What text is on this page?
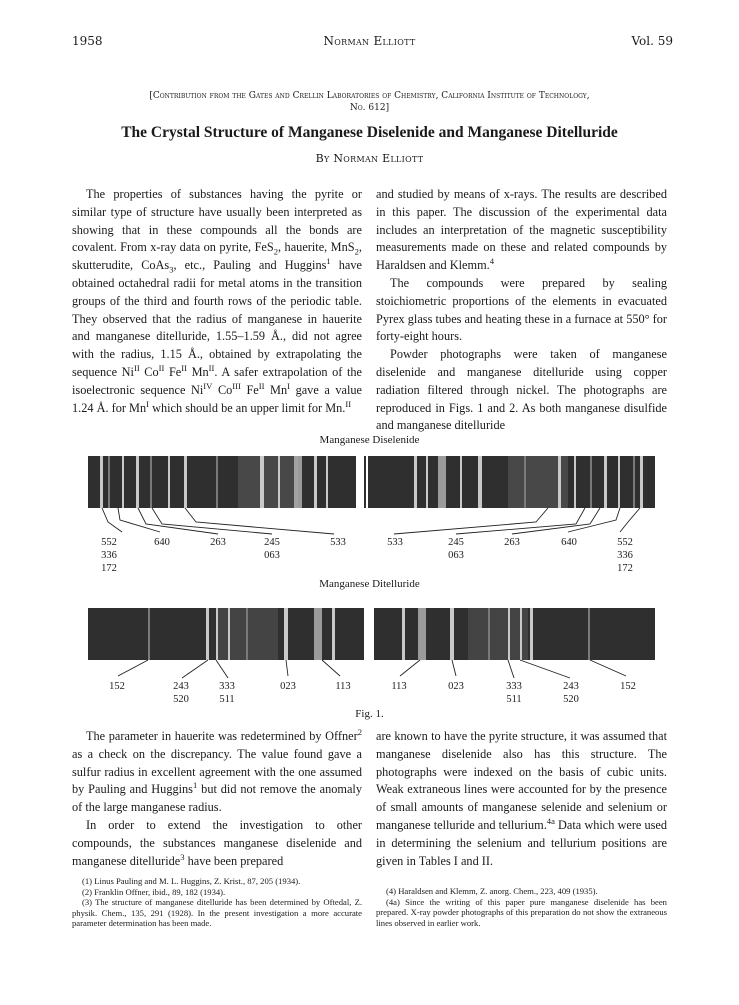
1958	Norman Elliott	Vol. 59
[Contribution from the Gates and Crellin Laboratories of Chemistry, California Institute of Technology,
No. 612]
The Crystal Structure of Manganese Diselenide and Manganese Ditelluride
By Norman Elliott

The properties of substances having the pyrite or similar type of structure have usually been interpreted as showing that in these compounds all the bonds are covalent. From x-ray data on pyrite, FeS$_2$, hauerite, MnS$_2$, skutterudite, CoAs$_3$, etc., Pauling and Huggins$^1$ have obtained octahedral radii for metal atoms in the transition groups of the third and fourth rows of the periodic table. They observed that the radius of manganese in hauerite and manganese ditelluride, 1.55–1.59 Å., did not agree with the radius, 1.15 Å., obtained by extrapolating the sequence $Ni^{II}$ $Co^{II}$ $Fe^{II}$ $Mn^{II}$. A safer extrapolation of the isoelectronic sequence $Ni^{IV}$ $Co^{III}$ $Fe^{II}$ $Mn^I$ gave a value 1.24 Å. for $Mn^I$ which should be an upper limit for Mn.$^{II}$

and studied by means of x-rays. The results are described in this paper. The discussion of the experimental data includes an interpretation of the magnetic susceptibility measurements made on these and related compounds by Haraldsen and Klemm.$^4$

The compounds were prepared by sealing stoichiometric proportions of the elements in evacuated Pyrex glass tubes and heating these in a furnace at 550° for forty-eight hours.

Powder photographs were taken of manganese diselenide and manganese ditelluride using copper radiation filtered through nickel. The photographs are reproduced in Figs. 1 and 2. As both manganese disulfide and manganese ditelluride

Manganese Diselenide
552
336
172
640	263	245
063
533	533	245
063
263	640	552
336
172
Manganese Ditelluride
152	243
520
333
511
023	113	113	023	333
511
243
520
152
Fig. 1.

The parameter in hauerite was redetermined by Offner$^2$ as a check on the discrepancy. The value found gave a sulfur radius in excellent agreement with the one assumed by Pauling and Huggins$^1$ but did not remove the anomaly of the large manganese radius.

In order to extend the investigation to other compounds, the substances manganese diselenide and manganese ditelluride$^3$ have been prepared

(1) Linus Pauling and M. L. Huggins, Z. Krist., 87, 205 (1934).

(2) Franklin Offner, ibid., 89, 182 (1934).

(3) The structure of manganese ditelluride has been determined by Oftedal, Z. physik. Chem., 135, 291 (1928). In the present investigation a more accurate parameter determination has been made.

are known to have the pyrite structure, it was assumed that manganese diselenide also has this structure. The photographs were indexed on the basis of cubic units. Weak extraneous lines were accounted for by the presence of small amounts of manganese selenide and selenium or manganese telluride and tellurium.$^{4a}$ Data which were used in determining the selenium and tellurium positions are given in Tables I and II.

(4) Haraldsen and Klemm, Z. anorg. Chem., 223, 409 (1935).

(4a) Since the writing of this paper pure manganese diselenide has been prepared. X-ray powder photographs of this preparation do not show the extraneous lines observed in earlier work.
